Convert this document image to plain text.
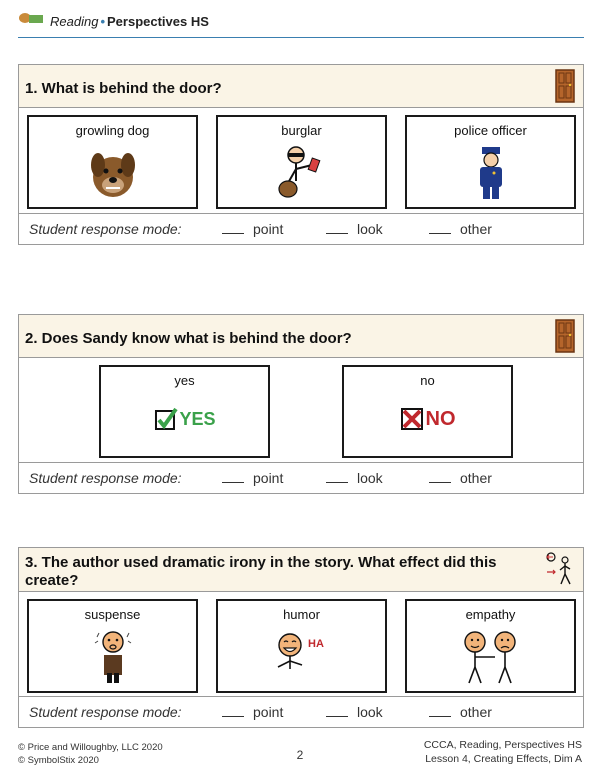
Reading • Perspectives HS
1. What is behind the door?
growling dog	burglar	police officer
Student response mode:	point	look	other
2. Does Sandy know what is behind the door?
yes
YES
no
NO
Student response mode:	point	look	other
3. The author used dramatic irony in the story. What effect did this
create?
suspense	humor
HA
empathy
Student response mode:	point	look	other
© Price and Willoughby, LLC 2020
© SymbolStix 2020	2
CCCA, Reading, Perspectives HS
Lesson 4, Creating Effects, Dim A
